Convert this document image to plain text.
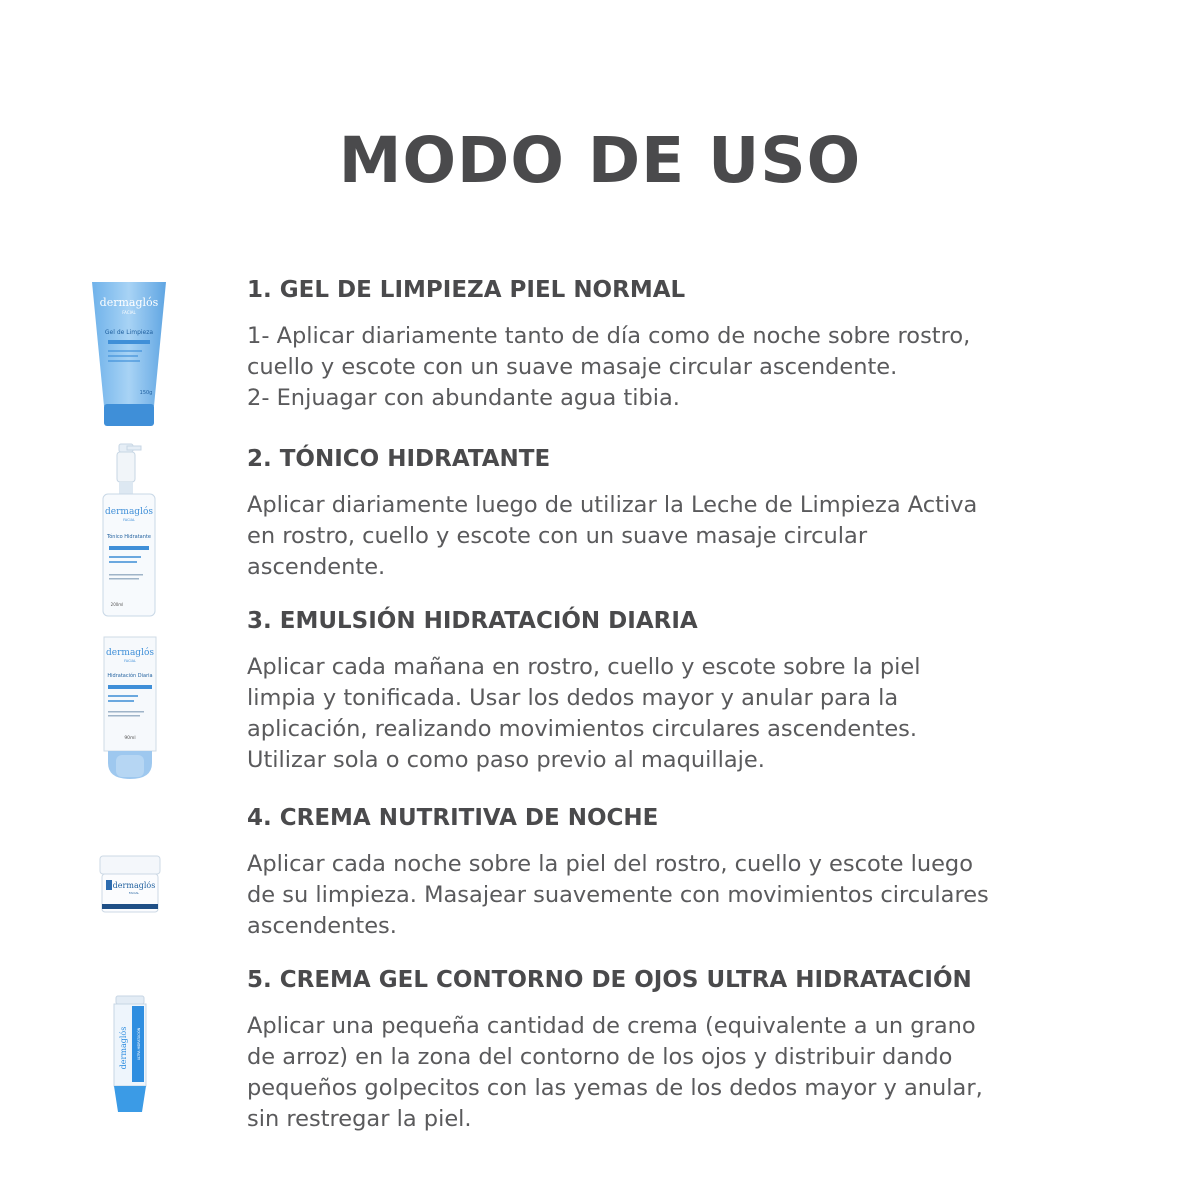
MODO DE USO
1. GEL DE LIMPIEZA PIEL NORMAL

1- Aplicar diariamente tanto de día como de noche sobre rostro,
cuello y escote con un suave masaje circular ascendente.
2- Enjuagar con abundante agua tibia.

dermaglós
FACIAL
Gel de Limpieza
150g
2. TÓNICO HIDRATANTE

Aplicar diariamente luego de utilizar la Leche de Limpieza Activa
en rostro, cuello y escote con un suave masaje circular
ascendente.

dermaglós
FACIAL
Tónico Hidratante
200ml
3. EMULSIÓN HIDRATACIÓN DIARIA

Aplicar cada mañana en rostro, cuello y escote sobre la piel
limpia y tonificada. Usar los dedos mayor y anular para la
aplicación, realizando movimientos circulares ascendentes.
Utilizar sola o como paso previo al maquillaje.

dermaglós
FACIAL
Hidratación Diaria
90ml
4. CREMA NUTRITIVA DE NOCHE

Aplicar cada noche sobre la piel del rostro, cuello y escote luego
de su limpieza. Masajear suavemente con movimientos circulares
ascendentes.

dermaglós
FACIAL
5. CREMA GEL CONTORNO DE OJOS ULTRA HIDRATACIÓN

Aplicar una pequeña cantidad de crema (equivalente a un grano
de arroz) en la zona del contorno de los ojos y distribuir dando
pequeños golpecitos con las yemas de los dedos mayor y anular,
sin restregar la piel.

dermaglós	ULTRA HIDRATACIÓN
